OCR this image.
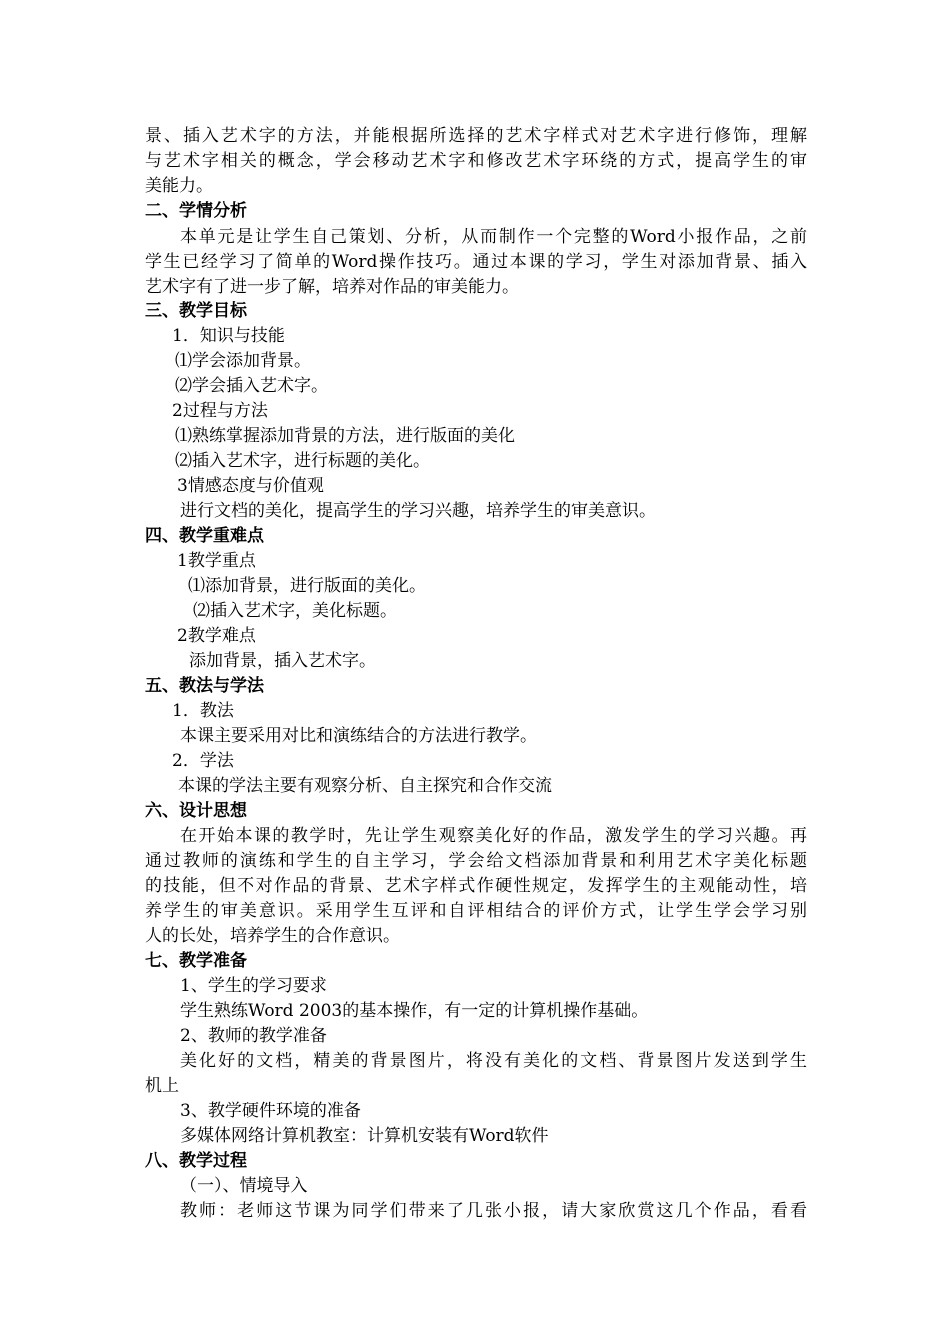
景、插入艺术字的方法，并能根据所选择的艺术字样式对艺术字进行修饰，理解
与艺术字相关的概念，学会移动艺术字和修改艺术字环绕的方式，提高学生的审
美能力。
二、学情分析
本单元是让学生自己策划、分析，从而制作一个完整的Word小报作品，之前
学生已经学习了简单的Word操作技巧。通过本课的学习，学生对添加背景、插入
艺术字有了进一步了解，培养对作品的审美能力。
三、教学目标
1．知识与技能
⑴学会添加背景。
⑵学会插入艺术字。
2过程与方法
⑴熟练掌握添加背景的方法，进行版面的美化
⑵插入艺术字，进行标题的美化。
3情感态度与价值观
进行文档的美化，提高学生的学习兴趣，培养学生的审美意识。
四、教学重难点
1教学重点
⑴添加背景，进行版面的美化。
⑵插入艺术字，美化标题。
2教学难点
添加背景，插入艺术字。
五、教法与学法
1．教法
本课主要采用对比和演练结合的方法进行教学。
2．学法
本课的学法主要有观察分析、自主探究和合作交流
六、设计思想
在开始本课的教学时，先让学生观察美化好的作品，激发学生的学习兴趣。再
通过教师的演练和学生的自主学习，学会给文档添加背景和利用艺术字美化标题
的技能，但不对作品的背景、艺术字样式作硬性规定，发挥学生的主观能动性，培
养学生的审美意识。采用学生互评和自评相结合的评价方式，让学生学会学习别
人的长处，培养学生的合作意识。
七、教学准备
1、学生的学习要求
学生熟练Word 2003的基本操作，有一定的计算机操作基础。
2、教师的教学准备
美化好的文档，精美的背景图片，将没有美化的文档、背景图片发送到学生
机上
3、教学硬件环境的准备
多媒体网络计算机教室：计算机安装有Word软件
八、教学过程
（一）、情境导入
教师：老师这节课为同学们带来了几张小报，请大家欣赏这几个作品，看看
